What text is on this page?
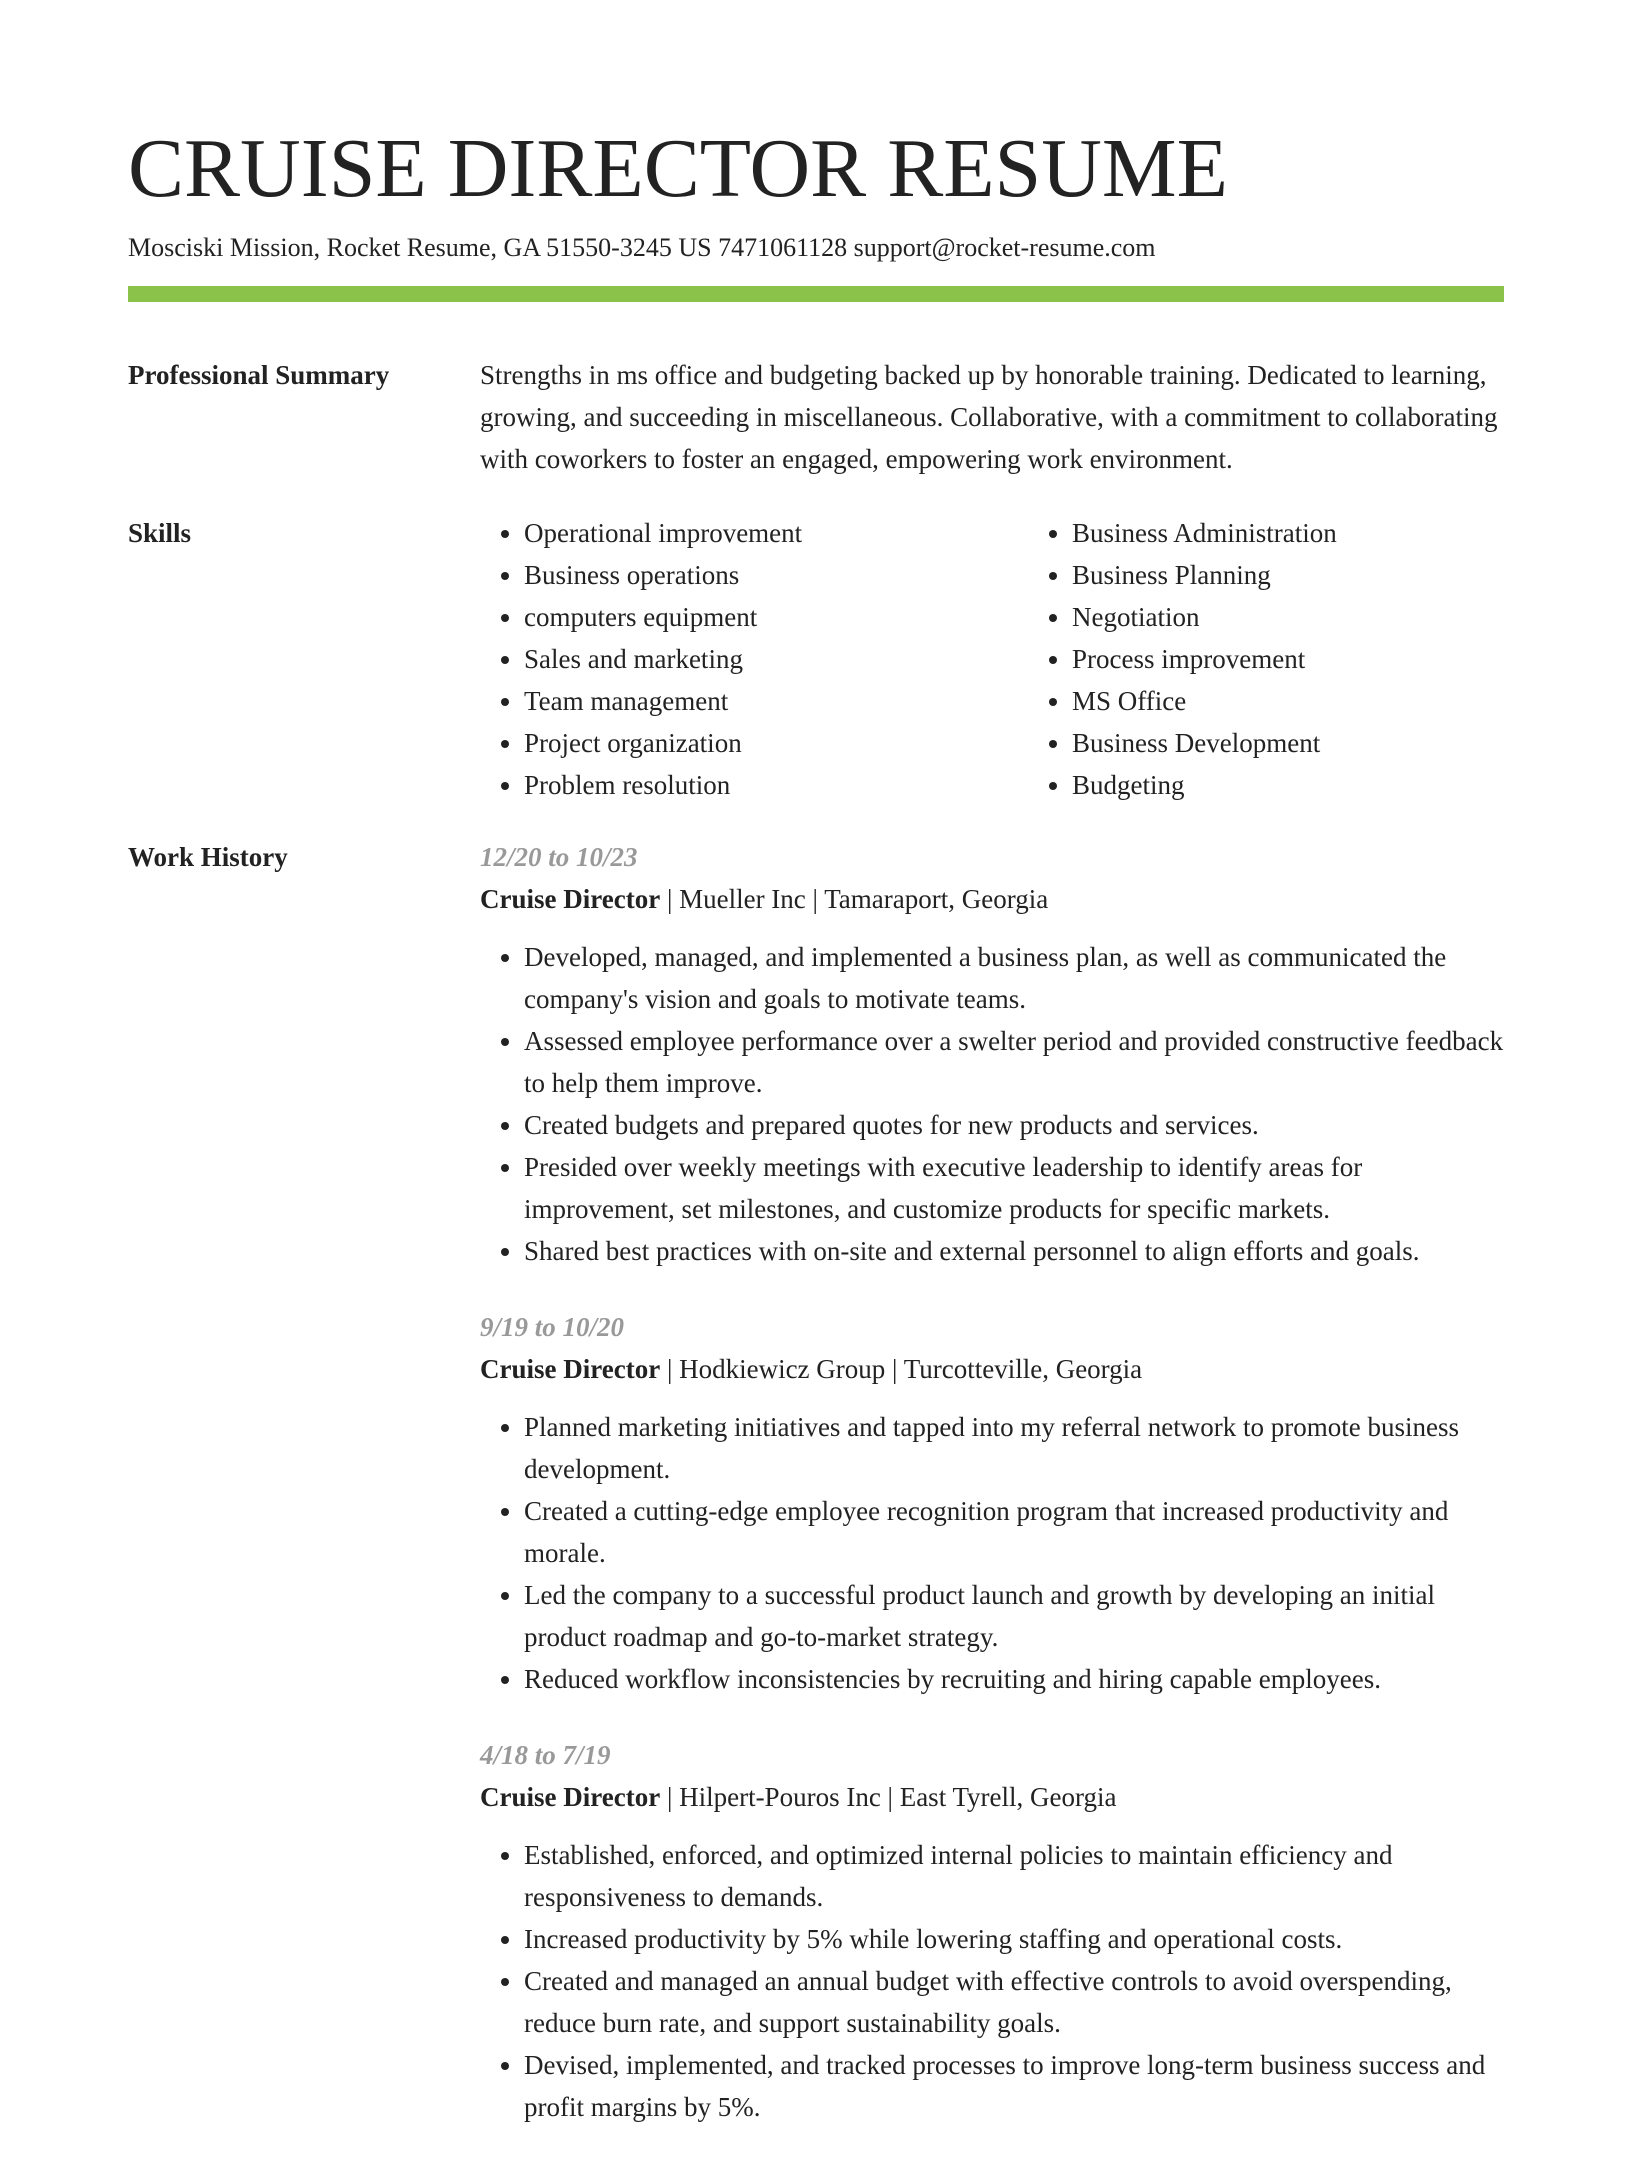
CRUISE DIRECTOR RESUME
Mosciski Mission, Rocket Resume, GA 51550-3245 US 7471061128 support@rocket-resume.com
Professional Summary	Strengths in ms office and budgeting backed up by honorable training. Dedicated to learning, growing, and succeeding in miscellaneous. Collaborative, with a commitment to collaborating with coworkers to foster an engaged, empowering work environment.
Skills
•	Operational improvement
• Business operations
• computers equipment
• Sales and marketing
• Team management
• Project organization
• Problem resolution
• Business Administration
• Business Planning
• Negotiation
• Process improvement
• MS Office
• Business Development
• Budgeting
Work History	12/20 to 10/23
Cruise Director | Mueller Inc | Tamaraport, Georgia
• Developed, managed, and implemented a business plan, as well as communicated the company's vision and goals to motivate teams.
• Assessed employee performance over a swelter period and provided constructive feedback to help them improve.
• Created budgets and prepared quotes for new products and services.
• Presided over weekly meetings with executive leadership to identify areas for improvement, set milestones, and customize products for specific markets.
• Shared best practices with on-site and external personnel to align efforts and goals.
9/19 to 10/20
Cruise Director | Hodkiewicz Group | Turcotteville, Georgia
• Planned marketing initiatives and tapped into my referral network to promote business development.
• Created a cutting-edge employee recognition program that increased productivity and morale.
• Led the company to a successful product launch and growth by developing an initial product roadmap and go-to-market strategy.
• Reduced workflow inconsistencies by recruiting and hiring capable employees.
4/18 to 7/19
Cruise Director | Hilpert-Pouros Inc | East Tyrell, Georgia
• Established, enforced, and optimized internal policies to maintain efficiency and responsiveness to demands.
• Increased productivity by 5% while lowering staffing and operational costs.
• Created and managed an annual budget with effective controls to avoid overspending, reduce burn rate, and support sustainability goals.
• Devised, implemented, and tracked processes to improve long-term business success and profit margins by 5%.
